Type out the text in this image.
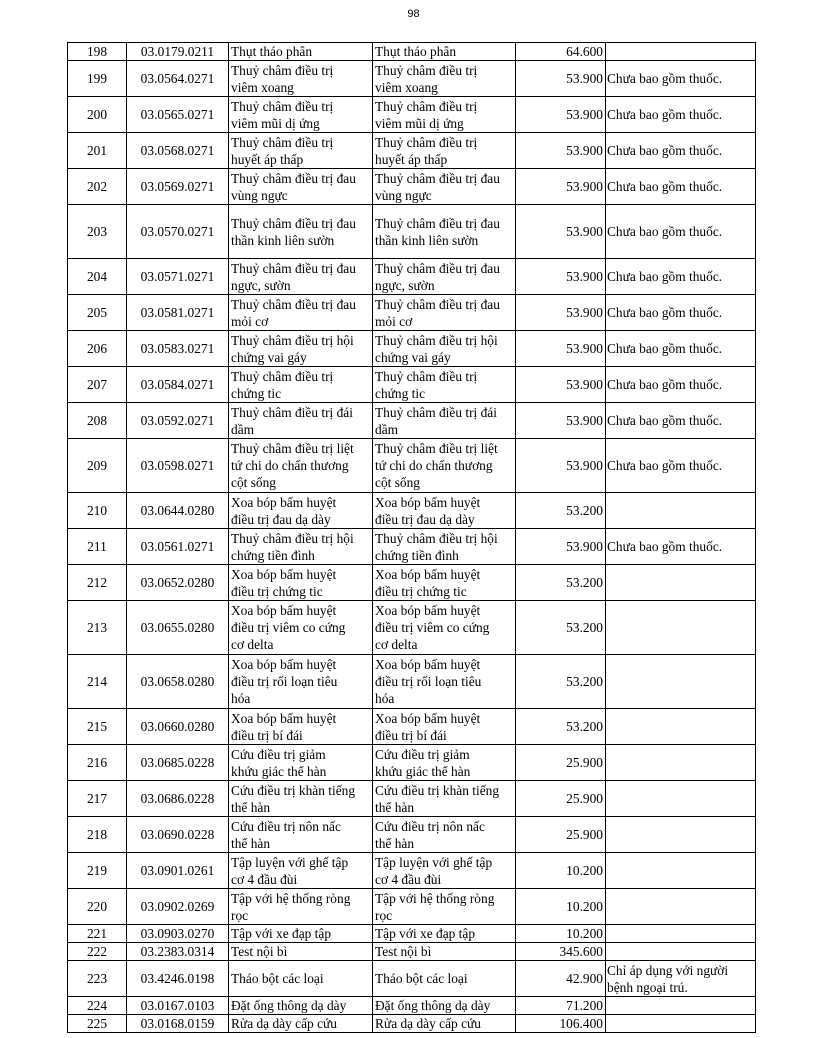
98
198	03.0179.0211	Thụt tháo phân	Thụt tháo phân	64.600	
199	03.0564.0271	Thuỷ châm điều trị
viêm xoang	Thuỷ châm điều trị
viêm xoang	53.900	Chưa bao gồm thuốc.
200	03.0565.0271	Thuỷ châm điều trị
viêm mũi dị ứng	Thuỷ châm điều trị
viêm mũi dị ứng	53.900	Chưa bao gồm thuốc.
201	03.0568.0271	Thuỷ châm điều trị
huyết áp thấp	Thuỷ châm điều trị
huyết áp thấp	53.900	Chưa bao gồm thuốc.
202	03.0569.0271	Thuỷ châm điều trị đau
vùng ngực	Thuỷ châm điều trị đau
vùng ngực	53.900	Chưa bao gồm thuốc.
203	03.0570.0271	Thuỷ châm điều trị đau
thần kinh liên sườn	Thuỷ châm điều trị đau
thần kinh liên sườn	53.900	Chưa bao gồm thuốc.
204	03.0571.0271	Thuỷ châm điều trị đau
ngực, sườn	Thuỷ châm điều trị đau
ngực, sườn	53.900	Chưa bao gồm thuốc.
205	03.0581.0271	Thuỷ châm điều trị đau
mỏi cơ	Thuỷ châm điều trị đau
mỏi cơ	53.900	Chưa bao gồm thuốc.
206	03.0583.0271	Thuỷ châm điều trị hội
chứng vai gáy	Thuỷ châm điều trị hội
chứng vai gáy	53.900	Chưa bao gồm thuốc.
207	03.0584.0271	Thuỷ châm điều trị
chứng tic	Thuỷ châm điều trị
chứng tic	53.900	Chưa bao gồm thuốc.
208	03.0592.0271	Thuỷ châm điều trị đái
dầm	Thuỷ châm điều trị đái
dầm	53.900	Chưa bao gồm thuốc.
209	03.0598.0271	Thuỷ châm điều trị liệt
tứ chi do chấn thương
cột sống	Thuỷ châm điều trị liệt
tứ chi do chấn thương
cột sống	53.900	Chưa bao gồm thuốc.
210	03.0644.0280	Xoa bóp bấm huyệt
điều trị đau dạ dày	Xoa bóp bấm huyệt
điều trị đau dạ dày	53.200	
211	03.0561.0271	Thuỷ châm điều trị hội
chứng tiền đình	Thuỷ châm điều trị hội
chứng tiền đình	53.900	Chưa bao gồm thuốc.
212	03.0652.0280	Xoa bóp bấm huyệt
điều trị chứng tic	Xoa bóp bấm huyệt
điều trị chứng tic	53.200	
213	03.0655.0280	Xoa bóp bấm huyệt
điều trị viêm co cứng
cơ delta	Xoa bóp bấm huyệt
điều trị viêm co cứng
cơ delta	53.200	
214	03.0658.0280	Xoa bóp bấm huyệt
điều trị rối loạn tiêu
hóa	Xoa bóp bấm huyệt
điều trị rối loạn tiêu
hóa	53.200	
215	03.0660.0280	Xoa bóp bấm huyệt
điều trị bí đái	Xoa bóp bấm huyệt
điều trị bí đái	53.200	
216	03.0685.0228	Cứu điều trị giảm
khứu giác thể hàn	Cứu điều trị giảm
khứu giác thể hàn	25.900	
217	03.0686.0228	Cứu điều trị khàn tiếng
thể hàn	Cứu điều trị khàn tiếng
thể hàn	25.900	
218	03.0690.0228	Cứu điều trị nôn nấc
thể hàn	Cứu điều trị nôn nấc
thể hàn	25.900	
219	03.0901.0261	Tập luyện với ghế tập
cơ 4 đầu đùi	Tập luyện với ghế tập
cơ 4 đầu đùi	10.200	
220	03.0902.0269	Tập với hệ thống ròng
rọc	Tập với hệ thống ròng
rọc	10.200	
221	03.0903.0270	Tập với xe đạp tập	Tập với xe đạp tập	10.200	
222	03.2383.0314	Test nội bì	Test nội bì	345.600	
223	03.4246.0198	Tháo bột các loại	Tháo bột các loại	42.900	Chỉ áp dụng với người
bệnh ngoại trú.
224	03.0167.0103	Đặt ống thông dạ dày	Đặt ống thông dạ dày	71.200	
225	03.0168.0159	Rửa dạ dày cấp cứu	Rửa dạ dày cấp cứu	106.400	
